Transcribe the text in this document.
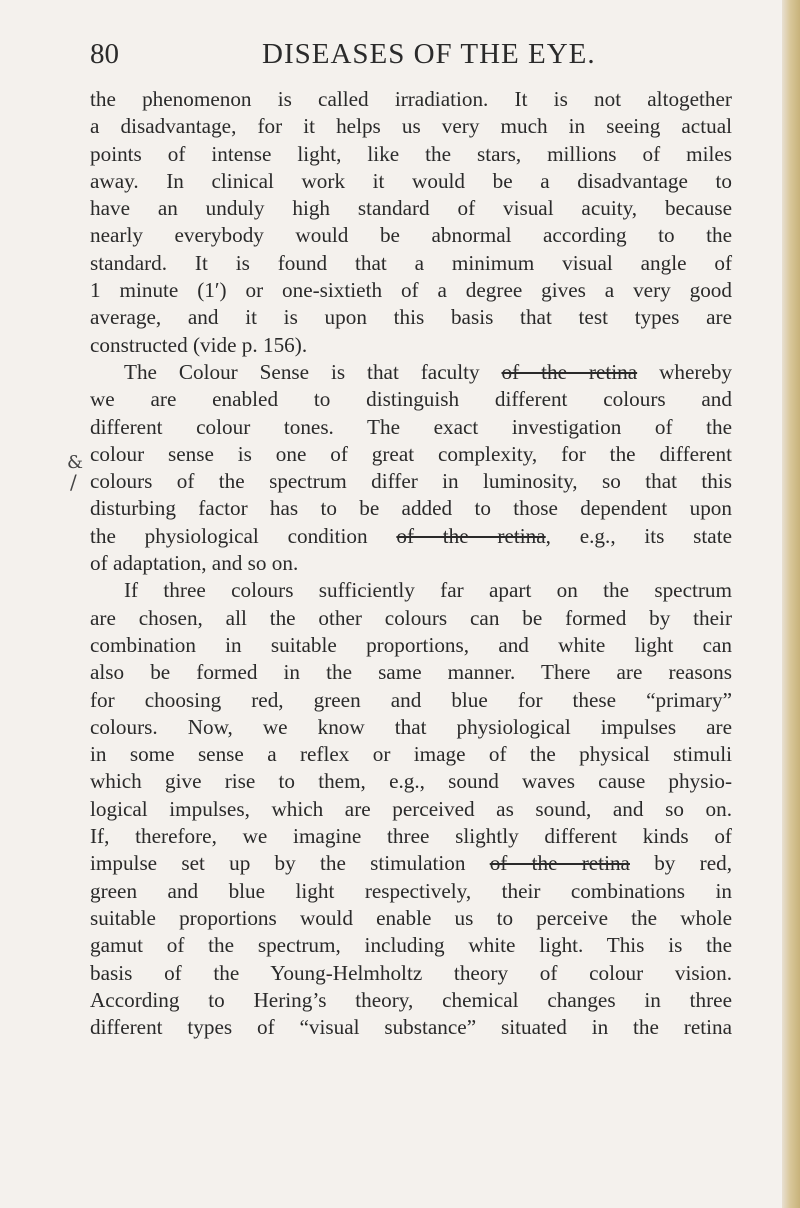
80	DISEASES OF THE EYE.
&
/
the phenomenon is called irradiation. It is not altogether
a disadvantage, for it helps us very much in seeing actual
points of intense light, like the stars, millions of miles
away. In clinical work it would be a disadvantage to
have an unduly high standard of visual acuity, because
nearly everybody would be abnormal according to the
standard. It is found that a minimum visual angle of
1 minute (1′) or one-sixtieth of a degree gives a very good
average, and it is upon this basis that test types are
constructed (vide p. 156).
The Colour Sense is that faculty of the retina whereby
we are enabled to distinguish different colours and
different colour tones. The exact investigation of the
colour sense is one of great complexity, for the different
colours of the spectrum differ in luminosity, so that this
disturbing factor has to be added to those dependent upon
the physiological condition of the retina, e.g., its state
of adaptation, and so on.
If three colours sufficiently far apart on the spectrum
are chosen, all the other colours can be formed by their
combination in suitable proportions, and white light can
also be formed in the same manner. There are reasons
for choosing red, green and blue for these “primary”
colours. Now, we know that physiological impulses are
in some sense a reflex or image of the physical stimuli
which give rise to them, e.g., sound waves cause physio-
logical impulses, which are perceived as sound, and so on.
If, therefore, we imagine three slightly different kinds of
impulse set up by the stimulation of the retina by red,
green and blue light respectively, their combinations in
suitable proportions would enable us to perceive the whole
gamut of the spectrum, including white light. This is the
basis of the Young-Helmholtz theory of colour vision.
According to Hering’s theory, chemical changes in three
different types of “visual substance” situated in the retina
